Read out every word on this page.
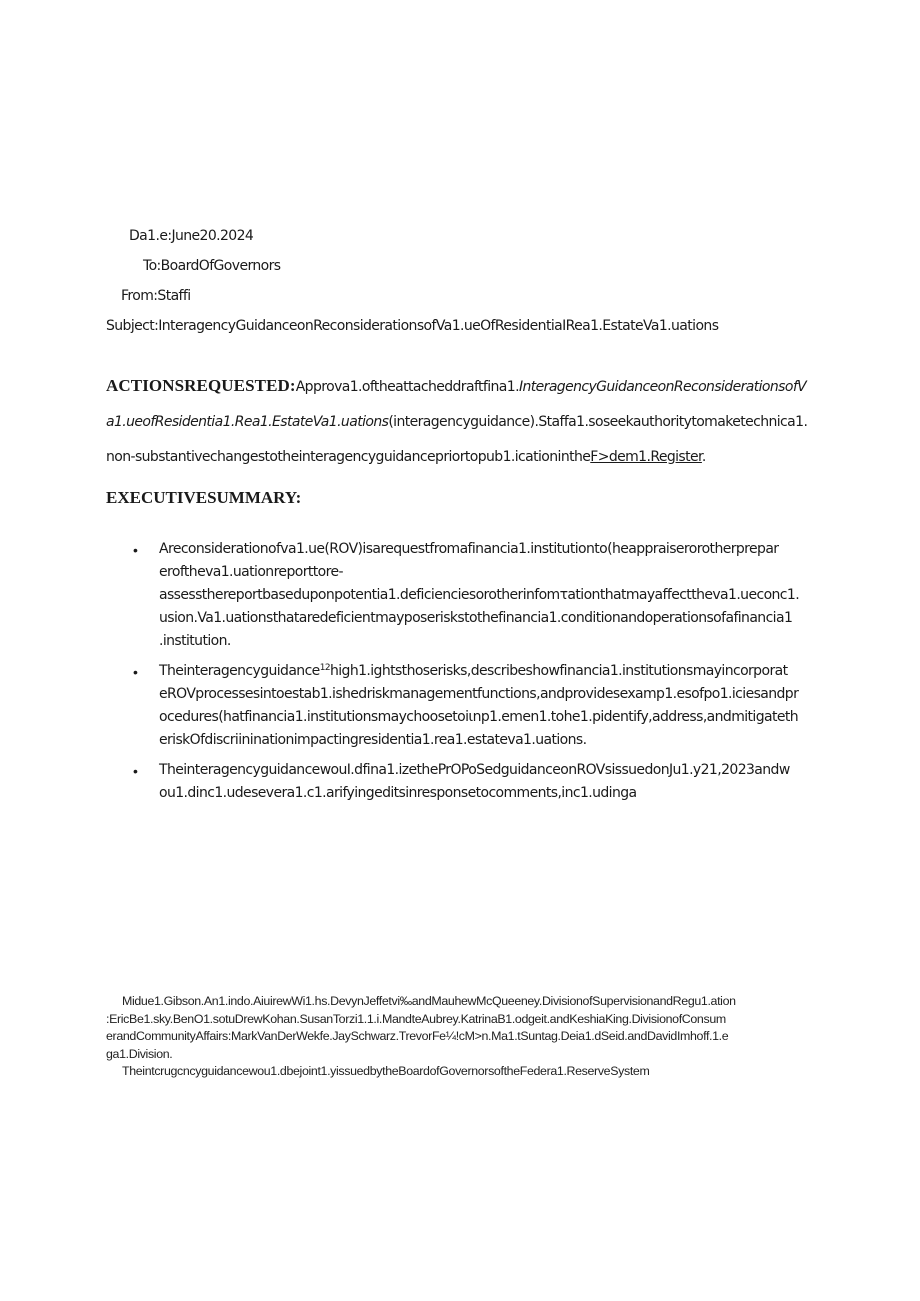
Da1.e:June20.2024
To:BoardOfGovernors
From:Staffi
Subject:InteragencyGuidanceonReconsiderationsofVa1.ueOfResidentiaIRea1.EstateVa1.uations
ACTIONSREQUESTED:Approva1.oftheattacheddraftfina1.InteragencyGuidanceonReconsiderationsofV
a1.ueofResidentia1.Rea1.EstateVa1.uations(interagencyguidance).Staffa1.soseekauthoritytomaketechnica1.
non-substantivechangestotheinteragencyguidancepriortopub1.icationintheF>dem1.Register.
EXECUTIVESUMMARY:
• Areconsiderationofva1.ue(ROV)isarequestfromafinancia1.institutionto(heappraiserorotherprepar
eroftheva1.uationreporttore-
assessthereportbaseduponpotentia1.deficienciesorotherinfomτationthatmayaffecttheva1.ueconc1.
usion.Va1.uationsthataredeficientmayposeriskstothefinancia1.conditionandoperationsofafinancia1
.institution.
• Theinteragencyguidance$^{12}$high1.ightsthoserisks,describeshowfinancia1.institutionsmayincorporat
eROVprocessesintoestab1.ishedriskmanagementfunctions,andprovidesexamp1.esofpo1.iciesandpr
ocedures(hatfinancia1.institutionsmaychoosetoiιnp1.emen1.tohe1.pidentify,address,andmitigateth
eriskOfdiscriininationimpactingresidentia1.rea1.estateva1.uations.
• TheinteragencyguidancewouI.dfina1.izethePrOPoSedguidanceonROVsissuedonJu1.y21,2023andw
ou1.dinc1.udesevera1.c1.arifyingeditsinresponsetocomments,inc1.udinga
Midue1.Gibson.An1.indo.AiuirewWi1.hs.DevynJeffetvi‰andMauhewMcQueeney.DivisionofSupervisionandRegu1.ation
:EricBe1.sky.BenO1.sotuDrewKohan.SusanTorzi1.1.i.MandteAubrey.KatrinaB1.odgeit.andKeshiaKing.DivisionofConsum
erandCommunityAffairs:MarkVanDerWekfe.JaySchwarz.TrevorFe¼!cM>n.Ma1.tSuntag.Deia1.dSeid.andDavidImhoff.1.e
ga1.Division.
Theintcrugcncyguidancewou1.dbejoint1.yissuedbytheBoardofGovernorsoftheFedera1.ReserveSystem
